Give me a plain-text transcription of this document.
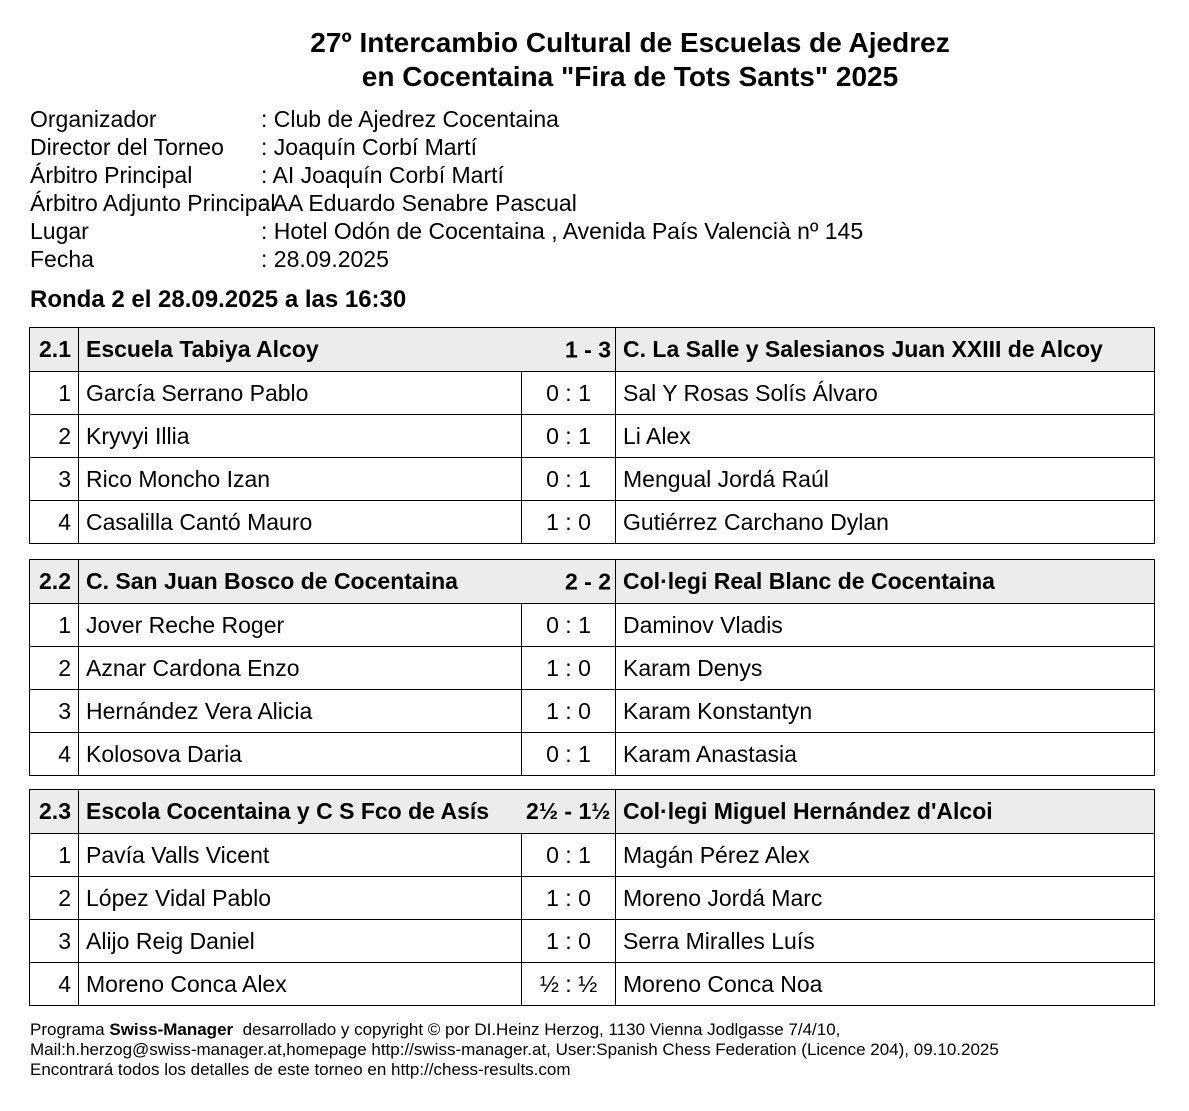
27º Intercambio Cultural de Escuelas de Ajedrez
en Cocentaina "Fira de Tots Sants" 2025
Organizador	: Club de Ajedrez Cocentaina
Director del Torneo : Joaquín Corbí Martí
Árbitro Principal	: AI Joaquín Corbí Martí
Árbitro Adjunto Principal
: AA Eduardo Senabre Pascual
Lugar	: Hotel Odón de Cocentaina , Avenida País Valencià nº 145
Fecha	: 28.09.2025
Ronda 2 el 28.09.2025 a las 16:30
2.1	Escuela Tabiya Alcoy 1 - 3		C. La Salle y Salesianos Juan XXIII de Alcoy
1	García Serrano Pablo	0 : 1	Sal Y Rosas Solís Álvaro
2	Kryvyi Illia	0 : 1	Li Alex
3	Rico Moncho Izan	0 : 1	Mengual Jordá Raúl
4	Casalilla Cantó Mauro	1 : 0	Gutiérrez Carchano Dylan
2.2	C. San Juan Bosco de Cocentaina 2 - 2		Col·legi Real Blanc de Cocentaina
1	Jover Reche Roger	0 : 1	Daminov Vladis
2	Aznar Cardona Enzo	1 : 0	Karam Denys
3	Hernández Vera Alicia	1 : 0	Karam Konstantyn
4	Kolosova Daria	0 : 1	Karam Anastasia
2.3	Escola Cocentaina y C S Fco de Asís	2½ - 1½	Col·legi Miguel Hernández d'Alcoi
1	Pavía Valls Vicent	0 : 1	Magán Pérez Alex
2	López Vidal Pablo	1 : 0	Moreno Jordá Marc
3	Alijo Reig Daniel	1 : 0	Serra Miralles Luís
4	Moreno Conca Alex	½ : ½	Moreno Conca Noa
Programa Swiss-Manager  desarrollado y copyright © por DI.Heinz Herzog, 1130 Vienna Jodlgasse 7/4/10,
Mail:h.herzog@swiss-manager.at,homepage http://swiss-manager.at, User:Spanish Chess Federation (Licence 204), 09.10.2025
Encontrará todos los detalles de este torneo en http://chess-results.com
